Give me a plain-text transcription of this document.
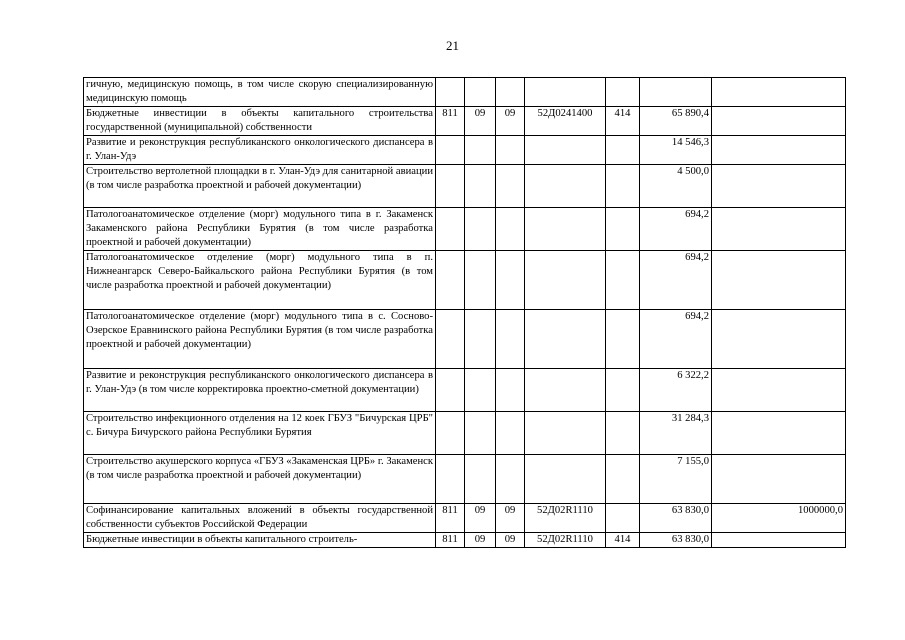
21
гичную, медицинскую помощь, в том числе скорую специализированную медицинскую помощь							
Бюджетные инвестиции в объекты капитального строительства государственной (муниципальной) собственности	811	09	09	52Д0241400	414	65 890,4	
Развитие и реконструкция республиканского онкологического диспансера в г. Улан-Удэ						14 546,3	
Строительство вертолетной площадки в г. Улан-Удэ для санитарной авиации (в том числе разработка проектной и рабочей документации)						4 500,0	
Патологоанатомическое отделение (морг) модульного типа в г. Закаменск Закаменского района Республики Бурятия (в том числе разработка проектной и рабочей документации)						694,2	
Патологоанатомическое отделение (морг) модульного типа в п. Нижнеангарск Северо-Байкальского района Республики Бурятия (в том числе разработка проектной и рабочей документации)						694,2	
Патологоанатомическое отделение (морг) модульного типа в с. Сосново-Озерское Еравнинского района Республики Бурятия (в том числе разработка проектной и рабочей документации)						694,2	
Развитие и реконструкция республиканского онкологического диспансера в г. Улан-Удэ (в том числе корректировка проектно-сметной документации)						6 322,2	
Строительство инфекционного отделения на 12 коек ГБУЗ "Бичурская ЦРБ" с. Бичура Бичурского района Республики Бурятия						31 284,3	
Строительство акушерского корпуса «ГБУЗ «Закаменская ЦРБ» г. Закаменск (в том числе разработка проектной и рабочей документации)						7 155,0	
Софинансирование капитальных вложений в объекты государственной собственности субъектов Российской Федерации	811	09	09	52Д02R1110		63 830,0	1000000,0
Бюджетные инвестиции в объекты капитального строитель-	811	09	09	52Д02R1110	414	63 830,0	
